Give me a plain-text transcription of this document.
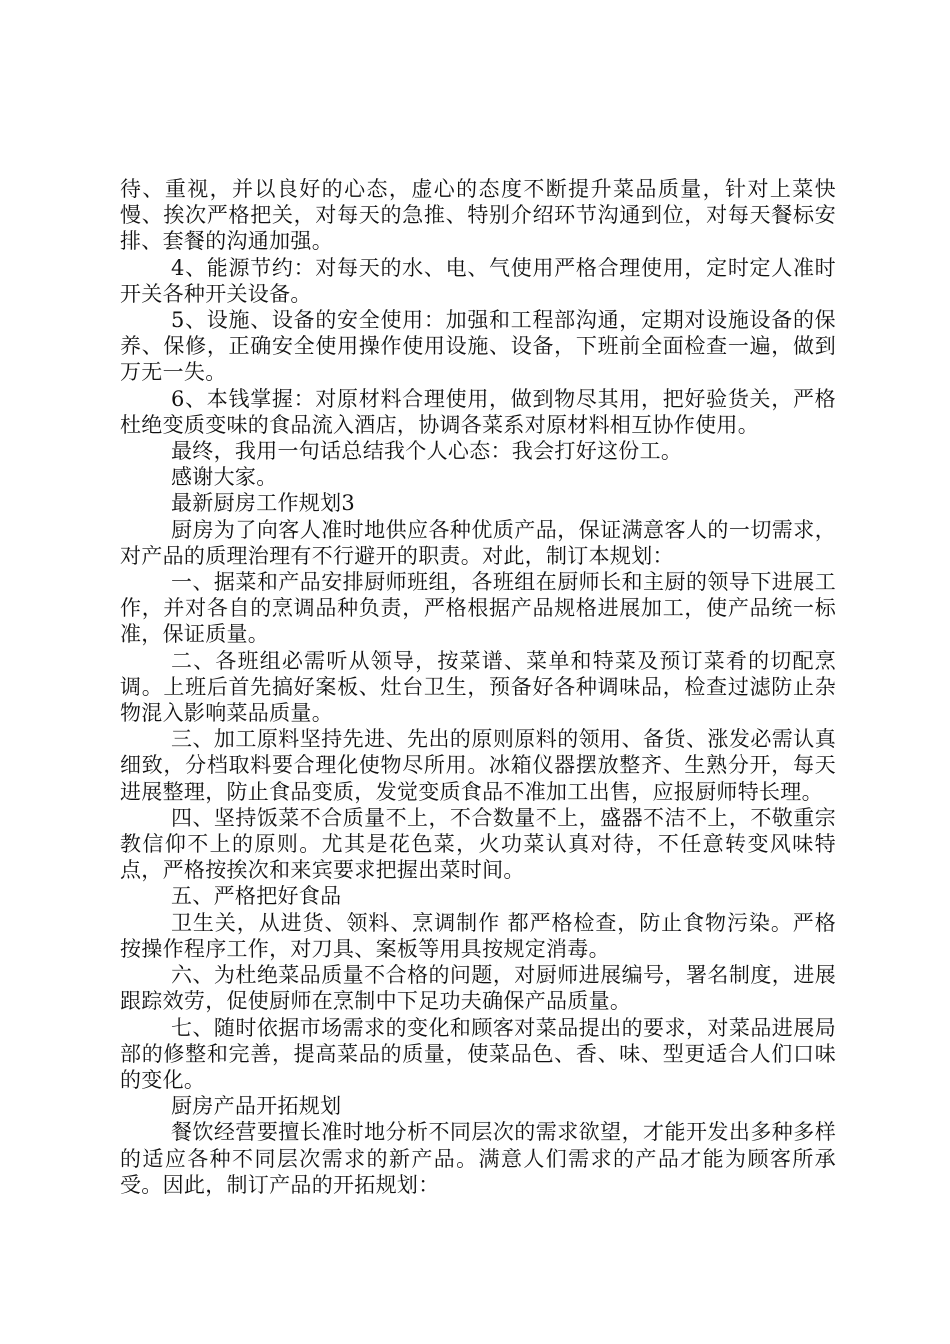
待、重视，并以良好的心态，虚心的态度不断提升菜品质量，针对上菜快慢、挨次严格把关，对每天的急推、特别介绍环节沟通到位，对每天餐标安排、套餐的沟通加强。

4、能源节约：对每天的水、电、气使用严格合理使用，定时定人准时开关各种开关设备。

5、设施、设备的安全使用：加强和工程部沟通，定期对设施设备的保养、保修，正确安全使用操作使用设施、设备，下班前全面检查一遍，做到万无一失。

6、本钱掌握：对原材料合理使用，做到物尽其用，把好验货关，严格杜绝变质变味的食品流入酒店，协调各菜系对原材料相互协作使用。

最终，我用一句话总结我个人心态：我会打好这份工。

感谢大家。

最新厨房工作规划3

厨房为了向客人准时地供应各种优质产品，保证满意客人的一切需求，对产品的质理治理有不行避开的职责。对此，制订本规划：

一、据菜和产品安排厨师班组，各班组在厨师长和主厨的领导下进展工作，并对各自的烹调品种负责，严格根据产品规格进展加工，使产品统一标准，保证质量。

二、各班组必需听从领导，按菜谱、菜单和特菜及预订菜肴的切配烹调。上班后首先搞好案板、灶台卫生，预备好各种调味品，检查过滤防止杂物混入影响菜品质量。

三、加工原料坚持先进、先出的原则原料的领用、备货、涨发必需认真细致，分档取料要合理化使物尽所用。冰箱仪器摆放整齐、生熟分开，每天进展整理，防止食品变质，发觉变质食品不准加工出售，应报厨师特长理。

四、坚持饭菜不合质量不上，不合数量不上，盛器不洁不上，不敬重宗教信仰不上的原则。尤其是花色菜，火功菜认真对待，不任意转变风味特点，严格按挨次和来宾要求把握出菜时间。

五、严格把好食品

卫生关，从进货、领料、烹调制作 都严格检查，防止食物污染。严格按操作程序工作，对刀具、案板等用具按规定消毒。

六、为杜绝菜品质量不合格的问题，对厨师进展编号，署名制度，进展跟踪效劳，促使厨师在烹制中下足功夫确保产品质量。

七、随时依据市场需求的变化和顾客对菜品提出的要求，对菜品进展局部的修整和完善，提高菜品的质量，使菜品色、香、味、型更适合人们口味的变化。

厨房产品开拓规划

餐饮经营要擅长准时地分析不同层次的需求欲望，才能开发出多种多样的适应各种不同层次需求的新产品。满意人们需求的产品才能为顾客所承受。因此，制订产品的开拓规划：
